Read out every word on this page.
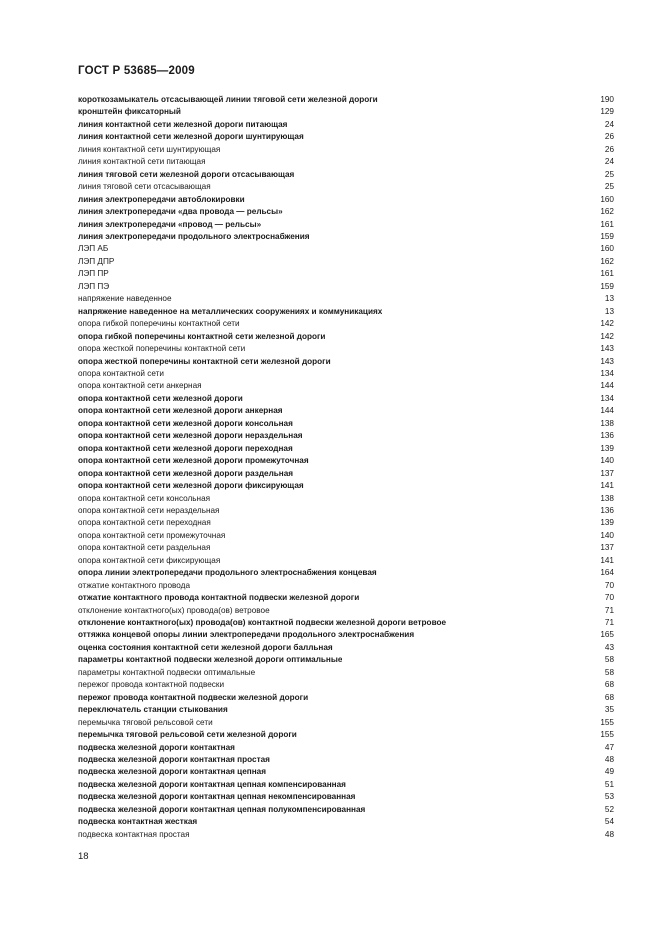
ГОСТ Р 53685—2009
короткозамыкатель отсасывающей линии тяговой сети железной дороги	190
кронштейн фиксаторный	129
линия контактной сети железной дороги питающая	24
линия контактной сети железной дороги шунтирующая	26
линия контактной сети шунтирующая	26
линия контактной сети питающая	24
линия тяговой сети железной дороги отсасывающая	25
линия тяговой сети отсасывающая	25
линия электропередачи автоблокировки	160
линия электропередачи «два провода — рельсы»	162
линия электропередачи «провод — рельсы»	161
линия электропередачи продольного электроснабжения	159
ЛЭП АБ	160
ЛЭП ДПР	162
ЛЭП ПР	161
ЛЭП ПЭ	159
напряжение наведенное	13
напряжение наведенное на металлических сооружениях и коммуникациях	13
опора гибкой поперечины контактной сети	142
опора гибкой поперечины контактной сети железной дороги	142
опора жесткой поперечины контактной сети	143
опора жесткой поперечины контактной сети железной дороги	143
опора контактной сети	134
опора контактной сети анкерная	144
опора контактной сети железной дороги	134
опора контактной сети железной дороги анкерная	144
опора контактной сети железной дороги консольная	138
опора контактной сети железной дороги нераздельная	136
опора контактной сети железной дороги переходная	139
опора контактной сети железной дороги промежуточная	140
опора контактной сети железной дороги раздельная	137
опора контактной сети железной дороги фиксирующая	141
опора контактной сети консольная	138
опора контактной сети нераздельная	136
опора контактной сети переходная	139
опора контактной сети промежуточная	140
опора контактной сети раздельная	137
опора контактной сети фиксирующая	141
опора линии электропередачи продольного электроснабжения концевая	164
отжатие контактного провода	70
отжатие контактного провода контактной подвески железной дороги	70
отклонение контактного(ых) провода(ов) ветровое	71
отклонение контактного(ых) провода(ов) контактной подвески железной дороги ветровое	71
оттяжка концевой опоры линии электропередачи продольного электроснабжения	165
оценка состояния контактной сети железной дороги балльная	43
параметры контактной подвески железной дороги оптимальные	58
параметры контактной подвески оптимальные	58
пережог провода контактной подвески	68
пережог провода контактной подвески железной дороги	68
переключатель станции стыкования	35
перемычка тяговой рельсовой сети	155
перемычка тяговой рельсовой сети железной дороги	155
подвеска железной дороги контактная	47
подвеска железной дороги контактная простая	48
подвеска железной дороги контактная цепная	49
подвеска железной дороги контактная цепная компенсированная	51
подвеска железной дороги контактная цепная некомпенсированная	53
подвеска железной дороги контактная цепная полукомпенсированная	52
подвеска контактная жесткая	54
подвеска контактная простая	48
18
